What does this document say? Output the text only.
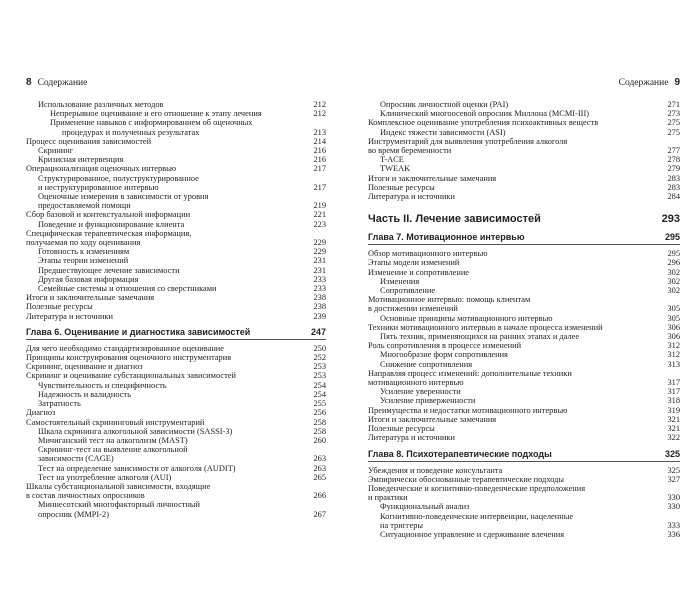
8 Содержание
Использование различных методов	212
Непрерывное оценивание и его отношение к этапу лечения	212
Применение навыков с информированием об оценочных
процедурах и полученных результатах	213
Процесс оценивания зависимостей	214
Скрининг	216
Кризисная интервенция	216
Операционализация оценочных интервью	217
Структурированное, полуструктурированное
и неструктурированное интервью	217
Оценочные измерения в зависимости от уровня
предоставляемой помощи	219
Сбор базовой и контекстуальной информации	221
Поведение и функционирование клиента	223
Специфическая терапевтическая информация,
получаемая по ходу оценивания	229
Готовность к изменениям	229
Этапы теории изменений	231
Предшествующее лечение зависимости	231
Другая базовая информация	233
Семейные системы и отношения со сверстниками	233
Итоги и заключительные замечания	238
Полезные ресурсы	238
Литература и источники	239
Глава 6. Оценивание и диагностика зависимостей	247
Для чего необходимо стандартизированное оценивание	250
Принципы конструирования оценочного инструментария	252
Скрининг, оценивание и диагноз	253
Скрининг и оценивание субстанциональных зависимостей	253
Чувствительность и специфичность	254
Надежность и валидность	254
Затратность	255
Диагноз	256
Самостоятельный скрининговый инструментарий	258
Шкала скрининга алкогольной зависимости (SASSI-3)	258
Мичиганский тест на алкоголизм (MAST)	260
Скрининг-тест на выявление алкогольной
зависимости (CAGE)	263
Тест на определение зависимости от алкоголя (AUDIT)	263
Тест на употребление алкоголя (AUI)	265
Шкалы субстанциональной зависимости, входящие
в состав личностных опросников	266
Миннесотский многофакторный личностный
опросник (MMPI-2)	267
Содержание 9
Опросник личностной оценки (PAI)	271
Клинический многоосевой опросник Миллона (MCMI-III)	273
Комплексное оценивание употребления психоактивных веществ	275
Индекс тяжести зависимости (ASI)	275
Инструментарий для выявления употребления алкоголя
во время беременности	277
T-ACE	278
TWEAK	279
Итоги и заключительные замечания	283
Полезные ресурсы	283
Литература и источники	284
Часть II. Лечение зависимостей	293
Глава 7. Мотивационное интервью	295
Обзор мотивационного интервью	295
Этапы модели изменений	296
Изменение и сопротивление	302
Изменения	302
Сопротивление	302
Мотивационное интервью: помощь клиентам
в достижении изменений	305
Основные принципы мотивационного интервью	305
Техники мотивационного интервью в начале процесса изменений	306
Пять техник, применяющихся на ранних этапах и далее	306
Роль сопротивления в процессе изменений	312
Многообразие форм сопротивления	312
Снижение сопротивления	313
Направляя процесс изменений: дополнительные техники
мотивационного интервью	317
Усиление уверенности	317
Усиление приверженности	318
Преимущества и недостатки мотивационного интервью	319
Итоги и заключительные замечания	321
Полезные ресурсы	321
Литература и источники	322
Глава 8. Психотерапевтические подходы	325
Убеждения и поведение консультанта	325
Эмпирически обоснованные терапевтические подходы	327
Поведенческие и когнитивно-поведенческие предположения
и практики	330
Функциональный анализ	330
Когнитивно-поведенческие интервенции, нацеленные
на триггеры	333
Ситуационное управление и сдерживание влечения	336
